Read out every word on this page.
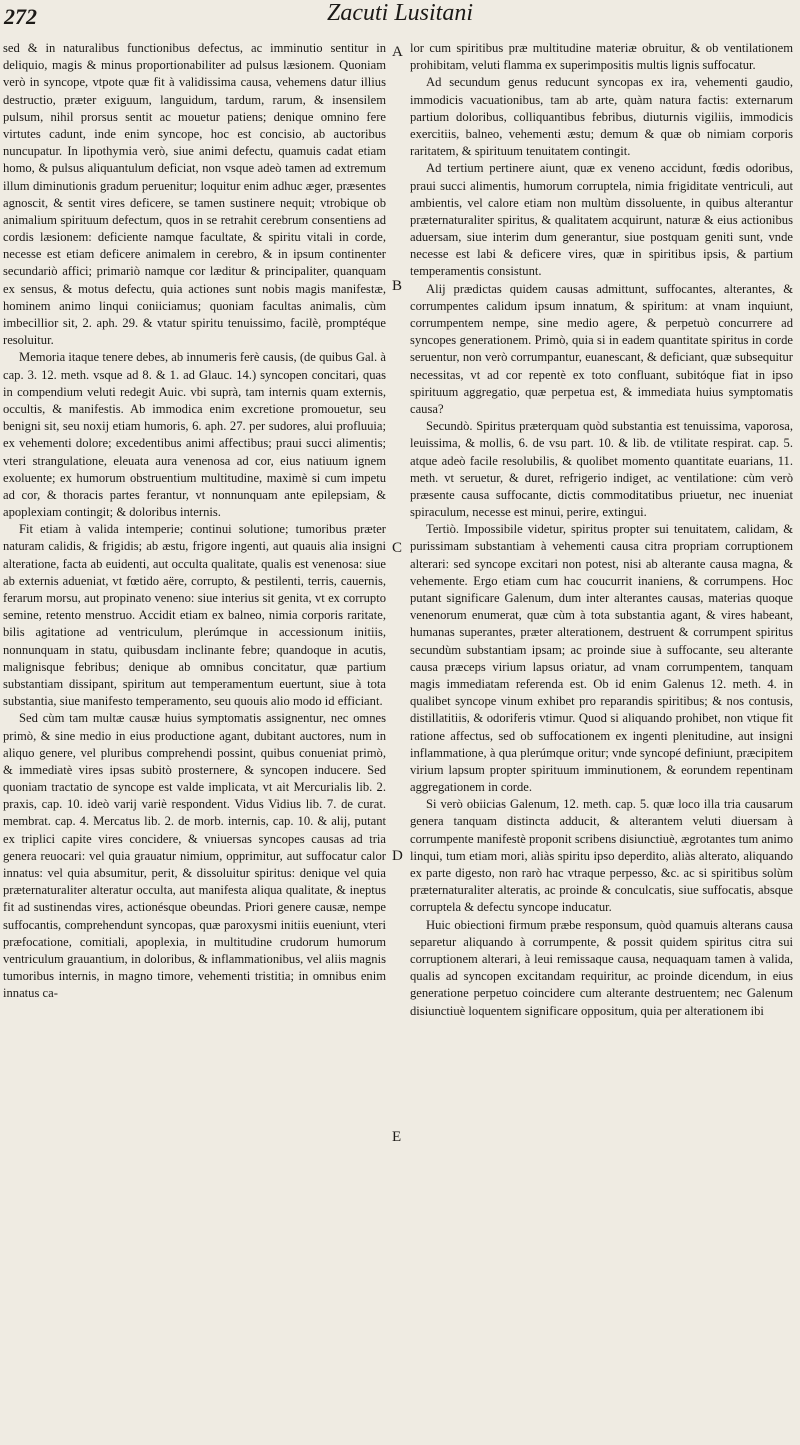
272	Zacuti Lusitani

sed & in naturalibus functionibus defectus, ac imminutio sentitur in deliquio, magis & minus proportionabiliter ad pulsus læsionem. Quoniam verò in syncope, vtpote quæ fit à validissima causa, vehemens datur illius destructio, præter exiguum, languidum, tardum, rarum, & insensilem pulsum, nihil prorsus sentit ac mouetur patiens; denique omnino fere virtutes cadunt, inde enim syncope, hoc est concisio, ab auctoribus nuncupatur. In lipothymia verò, siue animi defectu, quamuis cadat etiam homo, & pulsus aliquantulum deficiat, non vsque adeò tamen ad extremum illum diminutionis gradum peruenitur; loquitur enim adhuc æger, præsentes agnoscit, & sentit vires deficere, se tamen sustinere nequit; vtrobique ob animalium spirituum defectum, quos in se retrahit cerebrum consentiens ad cordis læsionem: deficiente namque facultate, & spiritu vitali in corde, necesse est etiam deficere animalem in cerebro, & in ipsum continenter secundariò affici; primariò namque cor læditur & principaliter, quanquam ex sensus, & motus defectu, quia actiones sunt nobis magis manifestæ, hominem animo linqui coniiciamus; quoniam facultas animalis, cùm imbecillior sit, 2. aph. 29. & vtatur spiritu tenuissimo, facilè, promptéque resoluitur.

Memoria itaque tenere debes, ab innumeris ferè causis, (de quibus Gal. à cap. 3. 12. meth. vsque ad 8. & 1. ad Glauc. 14.) syncopen concitari, quas in compendium veluti redegit Auic. vbi suprà, tam internis quam externis, occultis, & manifestis. Ab immodica enim excretione promouetur, seu benigni sit, seu noxij etiam humoris, 6. aph. 27. per sudores, alui profluuia; ex vehementi dolore; excedentibus animi affectibus; praui succi alimentis; vteri strangulatione, eleuata aura venenosa ad cor, eius natiuum ignem exoluente; ex humorum obstruentium multitudine, maximè si cum impetu ad cor, & thoracis partes ferantur, vt nonnunquam ante epilepsiam, & apoplexiam contingit; & doloribus internis.

Fit etiam à valida intemperie; continui solutione; tumoribus præter naturam calidis, & frigidis; ab æstu, frigore ingenti, aut quauis alia insigni alteratione, facta ab euidenti, aut occulta qualitate, qualis est venenosa: siue ab externis adueniat, vt fœtido aëre, corrupto, & pestilenti, terris, cauernis, ferarum morsu, aut propinato veneno: siue interius sit genita, vt ex corrupto semine, retento menstruo. Accidit etiam ex balneo, nimia corporis raritate, bilis agitatione ad ventriculum, plerúmque in accessionum initiis, nonnunquam in statu, quibusdam inclinante febre; quandoque in acutis, malignisque febribus; denique ab omnibus concitatur, quæ partium substantiam dissipant, spiritum aut temperamentum euertunt, siue à tota substantia, siue manifesto temperamento, seu quouis alio modo id efficiant.

Sed cùm tam multæ causæ huius symptomatis assignentur, nec omnes primò, & sine medio in eius productione agant, dubitant auctores, num in aliquo genere, vel pluribus comprehendi possint, quibus conueniat primò, & immediatè vires ipsas subitò prosternere, & syncopen inducere. Sed quoniam tractatio de syncope est valde implicata, vt ait Mercurialis lib. 2. praxis, cap. 10. ideò varij variè respondent. Vidus Vidius lib. 7. de curat. membrat. cap. 4. Mercatus lib. 2. de morb. internis, cap. 10. & alij, putant ex triplici capite vires concidere, & vniuersas syncopes causas ad tria genera reuocari: vel quia grauatur nimium, opprimitur, aut suffocatur calor innatus: vel quia absumitur, perit, & dissoluitur spiritus: denique vel quia præternaturaliter alteratur occulta, aut manifesta aliqua qualitate, & ineptus fit ad sustinendas vires, actionésque obeundas. Priori genere causæ, nempe suffocantis, comprehendunt syncopas, quæ paroxysmi initiis eueniunt, vteri præfocatione, comitiali, apoplexia, in multitudine crudorum humorum ventriculum grauantium, in doloribus, & inflammationibus, vel aliis magnis tumoribus internis, in magno timore, vehementi tristitia; in omnibus enim innatus ca-

A
B
C
D
E

lor cum spiritibus præ multitudine materiæ obruitur, & ob ventilationem prohibitam, veluti flamma ex superimpositis multis lignis suffocatur.

Ad secundum genus reducunt syncopas ex ira, vehementi gaudio, immodicis vacuationibus, tam ab arte, quàm natura factis: externarum partium doloribus, colliquantibus febribus, diuturnis vigiliis, immodicis exercitiis, balneo, vehementi æstu; demum & quæ ob nimiam corporis raritatem, & spirituum tenuitatem contingit.

Ad tertium pertinere aiunt, quæ ex veneno accidunt, fœdis odoribus, praui succi alimentis, humorum corruptela, nimia frigiditate ventriculi, aut ambientis, vel calore etiam non multùm dissoluente, in quibus alterantur præternaturaliter spiritus, & qualitatem acquirunt, naturæ & eius actionibus aduersam, siue interim dum generantur, siue postquam geniti sunt, vnde necesse est labi & deficere vires, quæ in spiritibus ipsis, & partium temperamentis consistunt.

Alij prædictas quidem causas admittunt, suffocantes, alterantes, & corrumpentes calidum ipsum innatum, & spiritum: at vnam inquiunt, corrumpentem nempe, sine medio agere, & perpetuò concurrere ad syncopes generationem. Primò, quia si in eadem quantitate spiritus in corde seruentur, non verò corrumpantur, euanescant, & deficiant, quæ subsequitur necessitas, vt ad cor repentè ex toto confluant, subitóque fiat in ipso spirituum aggregatio, quæ perpetua est, & immediata huius symptomatis causa?

Secundò. Spiritus præterquam quòd substantia est tenuissima, vaporosa, leuissima, & mollis, 6. de vsu part. 10. & lib. de vtilitate respirat. cap. 5. atque adeò facile resolubilis, & quolibet momento quantitate euarians, 11. meth. vt seruetur, & duret, refrigerio indiget, ac ventilatione: cùm verò præsente causa suffocante, dictis commoditatibus priuetur, nec inueniat spiraculum, necesse est minui, perire, extingui.

Tertiò. Impossibile videtur, spiritus propter sui tenuitatem, calidam, & purissimam substantiam à vehementi causa citra propriam corruptionem alterari: sed syncope excitari non potest, nisi ab alterante causa magna, & vehemente. Ergo etiam cum hac coucurrit inaniens, & corrumpens. Hoc putant significare Galenum, dum inter alterantes causas, materias quoque venenorum enumerat, quæ cùm à tota substantia agant, & vires habeant, humanas superantes, præter alterationem, destruent & corrumpent spiritus secundùm substantiam ipsam; ac proinde siue à suffocante, seu alterante causa præceps virium lapsus oriatur, ad vnam corrumpentem, tanquam magis immediatam referenda est. Ob id enim Galenus 12. meth. 4. in qualibet syncope vinum exhibet pro reparandis spiritibus; & nos contusis, distillatitiis, & odoriferis vtimur. Quod si aliquando prohibet, non vtique fit ratione affectus, sed ob suffocationem ex ingenti plenitudine, aut insigni inflammatione, à qua plerúmque oritur; vnde syncopé definiunt, præcipitem virium lapsum propter spirituum imminutionem, & eorundem repentinam aggregationem in corde.

Si verò obiicias Galenum, 12. meth. cap. 5. quæ loco illa tria causarum genera tanquam distincta adducit, & alterantem veluti diuersam à corrumpente manifestè proponit scribens disiunctiuè, ægrotantes tum animo linqui, tum etiam mori, aliàs spiritu ipso deperdito, aliàs alterato, aliquando ex parte digesto, non rarò hac vtraque perpesso, &c. ac si spiritibus solùm præternaturaliter alteratis, ac proinde & conculcatis, siue suffocatis, absque corruptela & defectu syncope inducatur.

Huic obiectioni firmum præbe responsum, quòd quamuis alterans causa separetur aliquando à corrumpente, & possit quidem spiritus citra sui corruptionem alterari, à leui remissaque causa, nequaquam tamen à valida, qualis ad syncopen excitandam requiritur, ac proinde dicendum, in eius generatione perpetuo coincidere cum alterante destruentem; nec Galenum disiunctiuè loquentem significare oppositum, quia per alterationem ibi
